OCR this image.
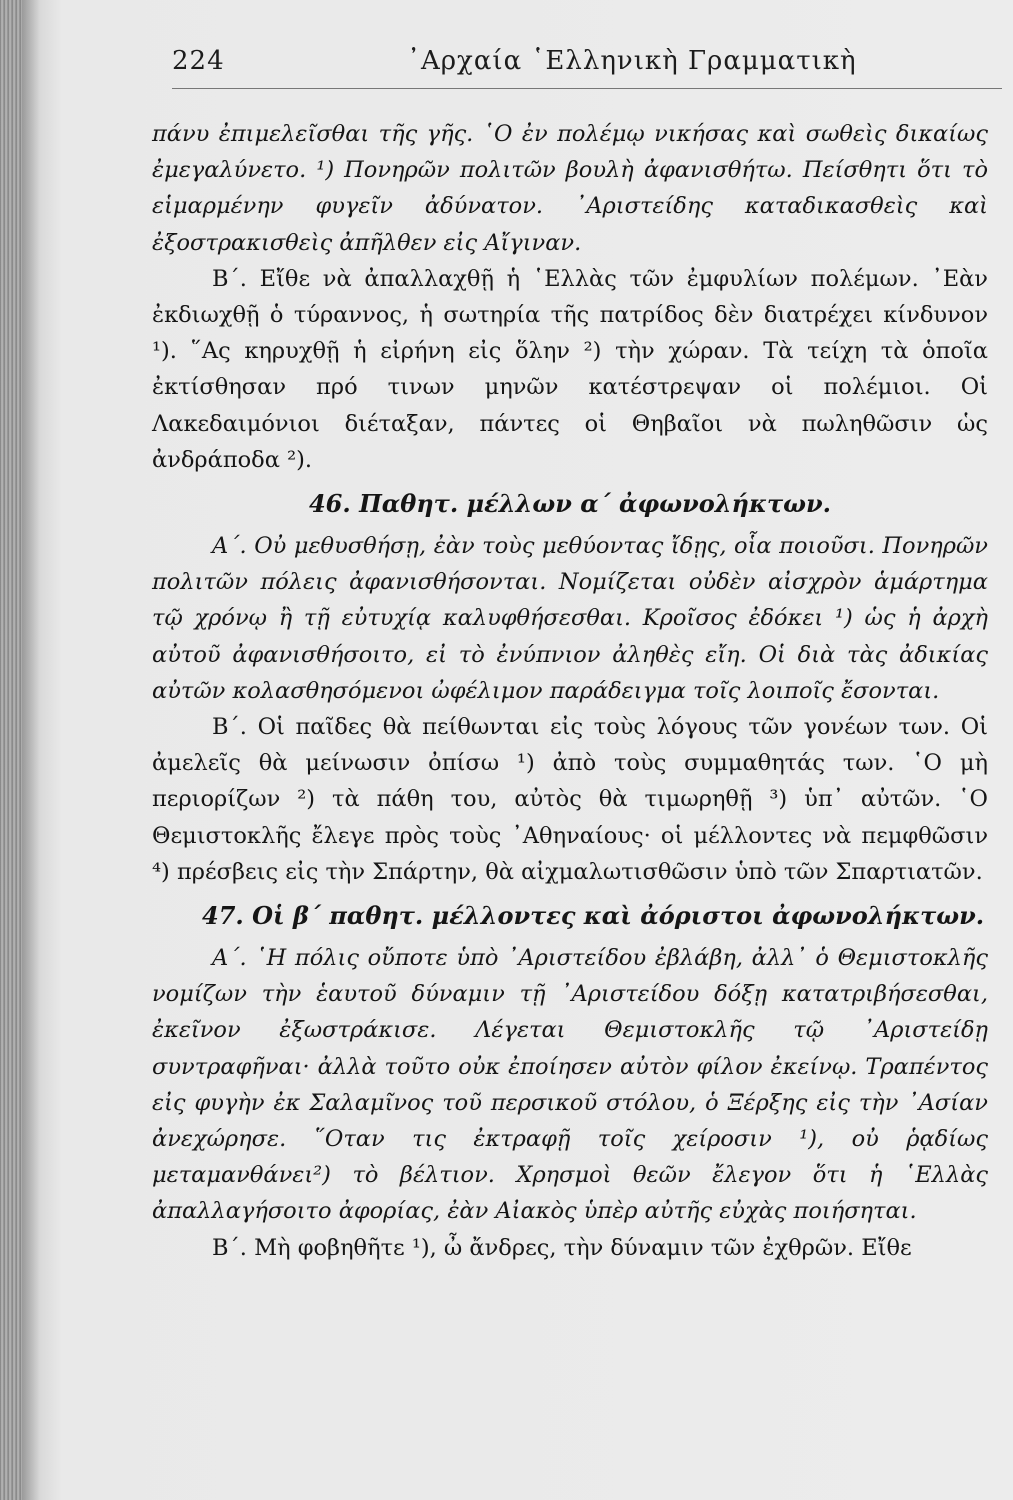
224	᾿Αρχαία ῾Ελληνικὴ Γραμματικὴ

πάνυ ἐπιμελεῖσθαι τῆς γῆς. ῾Ο ἐν πολέμῳ νικήσας καὶ σωθεὶς δικαίως ἐμεγαλύνετο. ¹) Πονηρῶν πολιτῶν βουλὴ ἀφανισθήτω. Πείσθητι ὅτι τὸ εἱμαρμένην φυγεῖν ἀδύνατον. ᾿Αριστείδης καταδικασθεὶς καὶ ἐξοστρακισθεὶς ἀπῆλθεν εἰς Αἴγιναν.

Β΄. Εἴθε νὰ ἀπαλλαχθῇ ἡ ῾Ελλὰς τῶν ἐμφυλίων πολέμων. ᾿Εὰν ἐκδιωχθῇ ὁ τύραννος, ἡ σωτηρία τῆς πατρίδος δὲν διατρέχει κίνδυνον ¹). ῞Ας κηρυχθῇ ἡ εἰρήνη εἰς ὅλην ²) τὴν χώραν. Τὰ τείχη τὰ ὁποῖα ἐκτίσθησαν πρό τινων μηνῶν κατέστρεψαν οἱ πολέμιοι. Οἱ Λακεδαιμόνιοι διέταξαν, πάντες οἱ Θηβαῖοι νὰ πωληθῶσιν ὡς ἀνδράποδα ²).

46. Παθητ. μέλλων α΄ ἀφωνολήκτων.

Α΄. Οὐ μεθυσθήσῃ, ἐὰν τοὺς μεθύοντας ἴδῃς, οἷα ποιοῦσι. Πονηρῶν πολιτῶν πόλεις ἀφανισθήσονται. Νομίζεται οὐδὲν αἰσχρὸν ἁμάρτημα τῷ χρόνῳ ἢ τῇ εὐτυχίᾳ καλυφθήσεσθαι. Κροῖσος ἐδόκει ¹) ὡς ἡ ἀρχὴ αὐτοῦ ἀφανισθήσοιτο, εἰ τὸ ἐνύπνιον ἀληθὲς εἴη. Οἱ διὰ τὰς ἀδικίας αὐτῶν κολασθησόμενοι ὠφέλιμον παράδειγμα τοῖς λοιποῖς ἔσονται.

Β΄. Οἱ παῖδες θὰ πείθωνται εἰς τοὺς λόγους τῶν γονέων των. Οἱ ἀμελεῖς θὰ μείνωσιν ὀπίσω ¹) ἀπὸ τοὺς συμμαθητάς των. ῾Ο μὴ περιορίζων ²) τὰ πάθη του, αὐτὸς θὰ τιμωρηθῇ ³) ὑπ᾿ αὐτῶν. ῾Ο Θεμιστοκλῆς ἔλεγε πρὸς τοὺς ᾿Αθηναίους· οἱ μέλλοντες νὰ πεμφθῶσιν ⁴) πρέσβεις εἰς τὴν Σπάρτην, θὰ αἰχμαλωτισθῶσιν ὑπὸ τῶν Σπαρτιατῶν.

47. Οἱ β΄ παθητ. μέλλοντες καὶ ἀόριστοι ἀφωνολήκτων.

Α΄. ῾Η πόλις οὔποτε ὑπὸ ᾿Αριστείδου ἐβλάβη, ἀλλ᾿ ὁ Θεμιστοκλῆς νομίζων τὴν ἑαυτοῦ δύναμιν τῇ ᾿Αριστείδου δόξῃ κατατριβήσεσθαι, ἐκεῖνον ἐξωστράκισε. Λέγεται Θεμιστοκλῆς τῷ ᾿Αριστείδῃ συντραφῆναι· ἀλλὰ τοῦτο οὐκ ἐποίησεν αὐτὸν φίλον ἐκείνῳ. Τραπέντος εἰς φυγὴν ἐκ Σαλαμῖνος τοῦ περσικοῦ στόλου, ὁ Ξέρξης εἰς τὴν ᾿Ασίαν ἀνεχώρησε. ῞Οταν τις ἐκτραφῇ τοῖς χείροσιν ¹), οὐ ῥᾳδίως μεταμανθάνει²) τὸ βέλτιον. Χρησμοὶ θεῶν ἔλεγον ὅτι ἡ ῾Ελλὰς ἀπαλλαγήσοιτο ἀφορίας, ἐὰν Αἰακὸς ὑπὲρ αὐτῆς εὐχὰς ποιήσηται.

Β΄. Μὴ φοβηθῆτε ¹), ὦ ἄνδρες, τὴν δύναμιν τῶν ἐχθρῶν. Εἴθε
